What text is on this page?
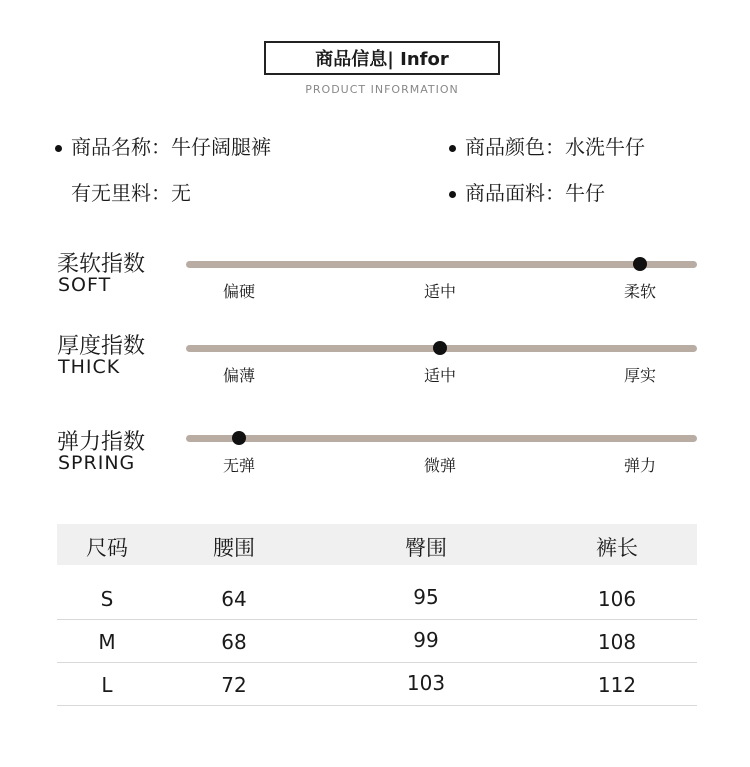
商品信息| Infor
PRODUCT INFORMATION
商品名称：牛仔阔腿裤	商品颜色：水洗牛仔
有无里料：无	商品面料：牛仔
柔软指数
SOFT	偏硬	适中	柔软
厚度指数
THICK	偏薄	适中	厚实
弹力指数
SPRING	无弹	微弹	弹力
尺码	腰围	臀围	裤长
S	64	95	106
M	68	99	108
L	72	103	112
